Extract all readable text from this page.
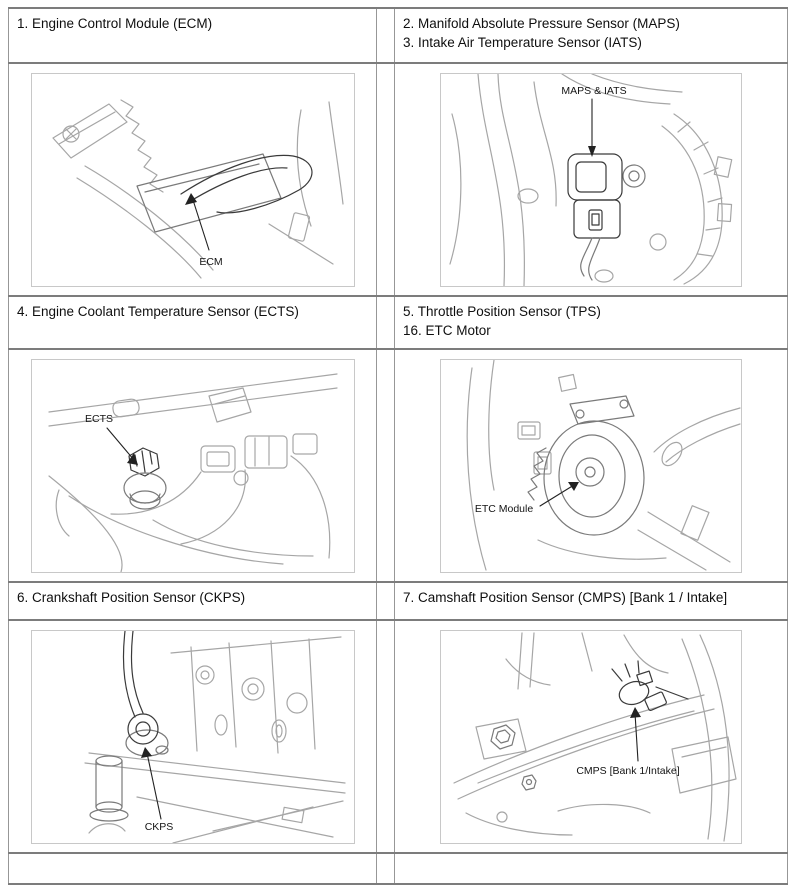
1. Engine Control Module (ECM)		2. Manifold Absolute Pressure Sensor (MAPS)
3. Intake Air Temperature Sensor (IATS)

ECM		MAPS & IATS

4. Engine Coolant Temperature Sensor (ECTS)		5. Throttle Position Sensor (TPS)
16. ETC Motor

ECTS		ETC Module

6. Crankshaft Position Sensor (CKPS)		7. Camshaft Position Sensor (CMPS) [Bank 1 / Intake]

CKPS		CMPS [Bank 1/Intake]
